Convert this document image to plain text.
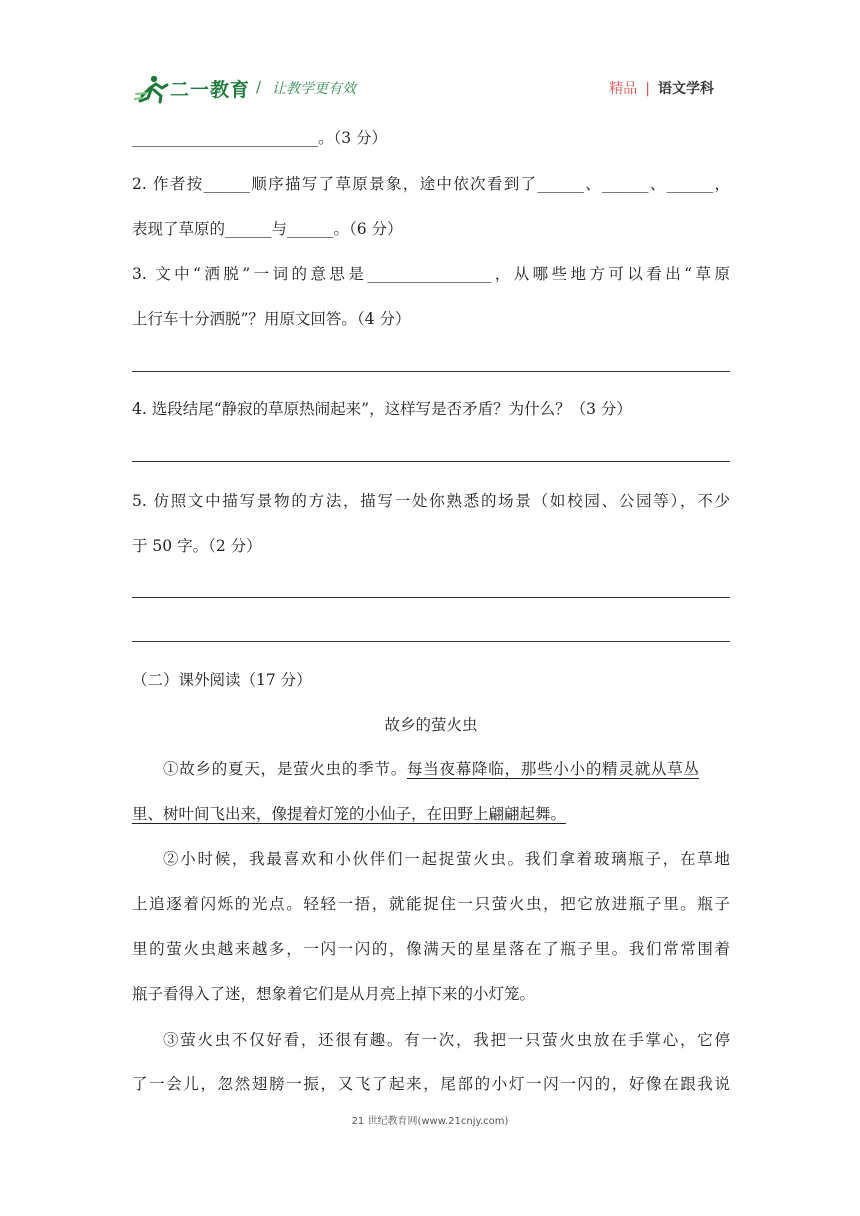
二一教育 / 让教学更有效	精品 | 语文学科
________________________。（3 分）
2. 作者按______顺序描写了草原景象，途中依次看到了______、______、______，
表现了草原的______与______。（6 分）
3. 文中“洒脱”一词的意思是________________，从哪些地方可以看出“草原
上行车十分洒脱”？用原文回答。（4 分）
4. 选段结尾“静寂的草原热闹起来”，这样写是否矛盾？为什么？（3 分）
5. 仿照文中描写景物的方法，描写一处你熟悉的场景（如校园、公园等），不少
于 50 字。（2 分）
（二）课外阅读（17 分）
故乡的萤火虫
①故乡的夏天，是萤火虫的季节。每当夜幕降临，那些小小的精灵就从草丛
里、树叶间飞出来，像提着灯笼的小仙子，在田野上翩翩起舞。
②小时候，我最喜欢和小伙伴们一起捉萤火虫。我们拿着玻璃瓶子，在草地
上追逐着闪烁的光点。轻轻一捂，就能捉住一只萤火虫，把它放进瓶子里。瓶子
里的萤火虫越来越多，一闪一闪的，像满天的星星落在了瓶子里。我们常常围着
瓶子看得入了迷，想象着它们是从月亮上掉下来的小灯笼。
③萤火虫不仅好看，还很有趣。有一次，我把一只萤火虫放在手掌心，它停
了一会儿，忽然翅膀一振，又飞了起来，尾部的小灯一闪一闪的，好像在跟我说
21 世纪教育网(www.21cnjy.com)
